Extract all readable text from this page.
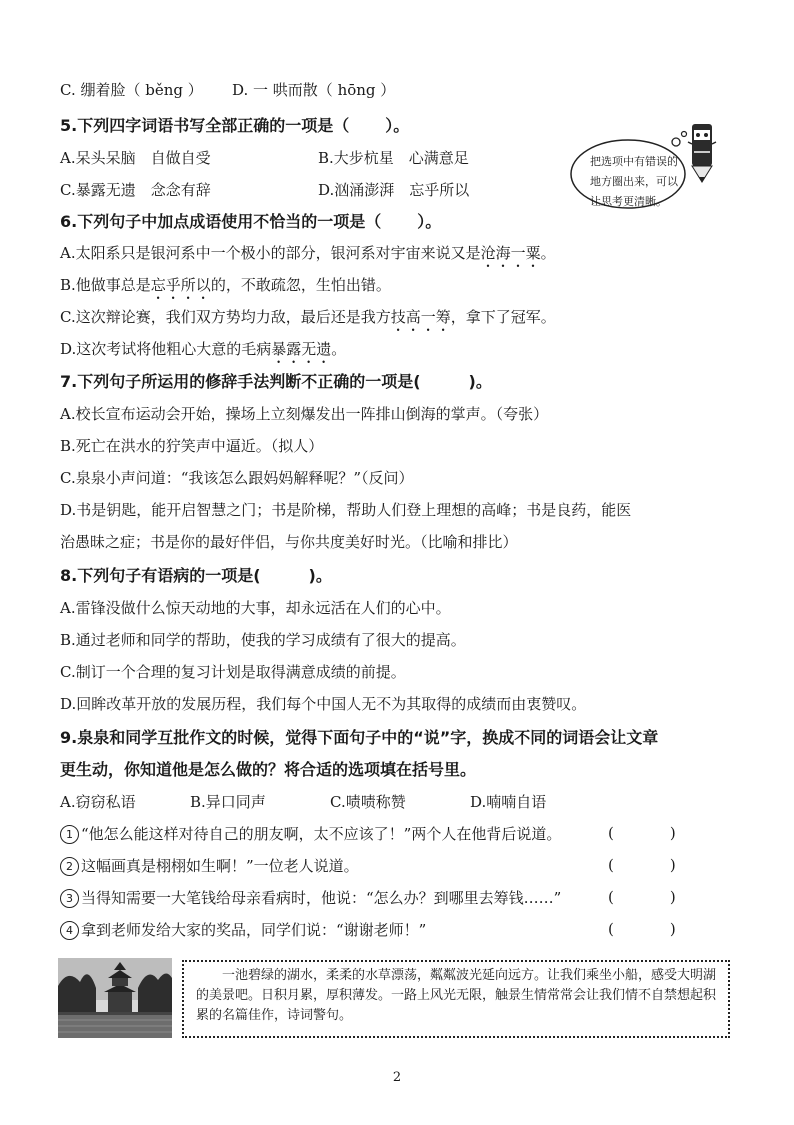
C. 绷着脸（ běng ） D. 一 哄而散（ hōng ）
5.下列四字词语书写全部正确的一项是（ ）。
A.呆头呆脑　自做自受	B.大步杭星　心满意足
C.暴露无遗　念念有辞	D.汹涌澎湃　忘乎所以
把选项中有错误的地方圈出来，可以让思考更清晰。
6.下列句子中加点成语使用不恰当的一项是（ ）。
A.太阳系只是银河系中一个极小的部分，银河系对宇宙来说又是沧海一粟。
B.他做事总是忘乎所以的，不敢疏忽，生怕出错。
C.这次辩论赛，我们双方势均力敌，最后还是我方技高一筹，拿下了冠军。
D.这次考试将他粗心大意的毛病暴露无遗。
7.下列句子所运用的修辞手法判断不正确的一项是(	)。
A.校长宣布运动会开始，操场上立刻爆发出一阵排山倒海的掌声。（夸张）
B.死亡在洪水的狞笑声中逼近。（拟人）
C.泉泉小声问道：“我该怎么跟妈妈解释呢？”（反问）
D.书是钥匙，能开启智慧之门；书是阶梯，帮助人们登上理想的高峰；书是良药，能医
治愚昧之症；书是你的最好伴侣，与你共度美好时光。（比喻和排比）
8.下列句子有语病的一项是(	)。
A.雷锋没做什么惊天动地的大事，却永远活在人们的心中。
B.通过老师和同学的帮助，使我的学习成绩有了很大的提高。
C.制订一个合理的复习计划是取得满意成绩的前提。
D.回眸改革开放的发展历程，我们每个中国人无不为其取得的成绩而由衷赞叹。
9.泉泉和同学互批作文的时候，觉得下面句子中的“说”字，换成不同的词语会让文章
更生动，你知道他是怎么做的？将合适的选项填在括号里。
A.窃窃私语	B.异口同声	C.啧啧称赞	D.喃喃自语
1 “他怎么能这样对待自己的朋友啊，太不应该了！”两个人在他背后说道。	(	)
2 这幅画真是栩栩如生啊！”一位老人说道。	(	)
3 当得知需要一大笔钱给母亲看病时，他说：“怎么办？到哪里去筹钱……”	(	)
4 拿到老师发给大家的奖品，同学们说：“谢谢老师！”	(	)

一池碧绿的湖水，柔柔的水草漂荡，粼粼波光延向远方。让我们乘坐小船，感受大明湖的美景吧。日积月累，厚积薄发。一路上风光无限，触景生情常常会让我们情不自禁想起积累的名篇佳作，诗词警句。

2
